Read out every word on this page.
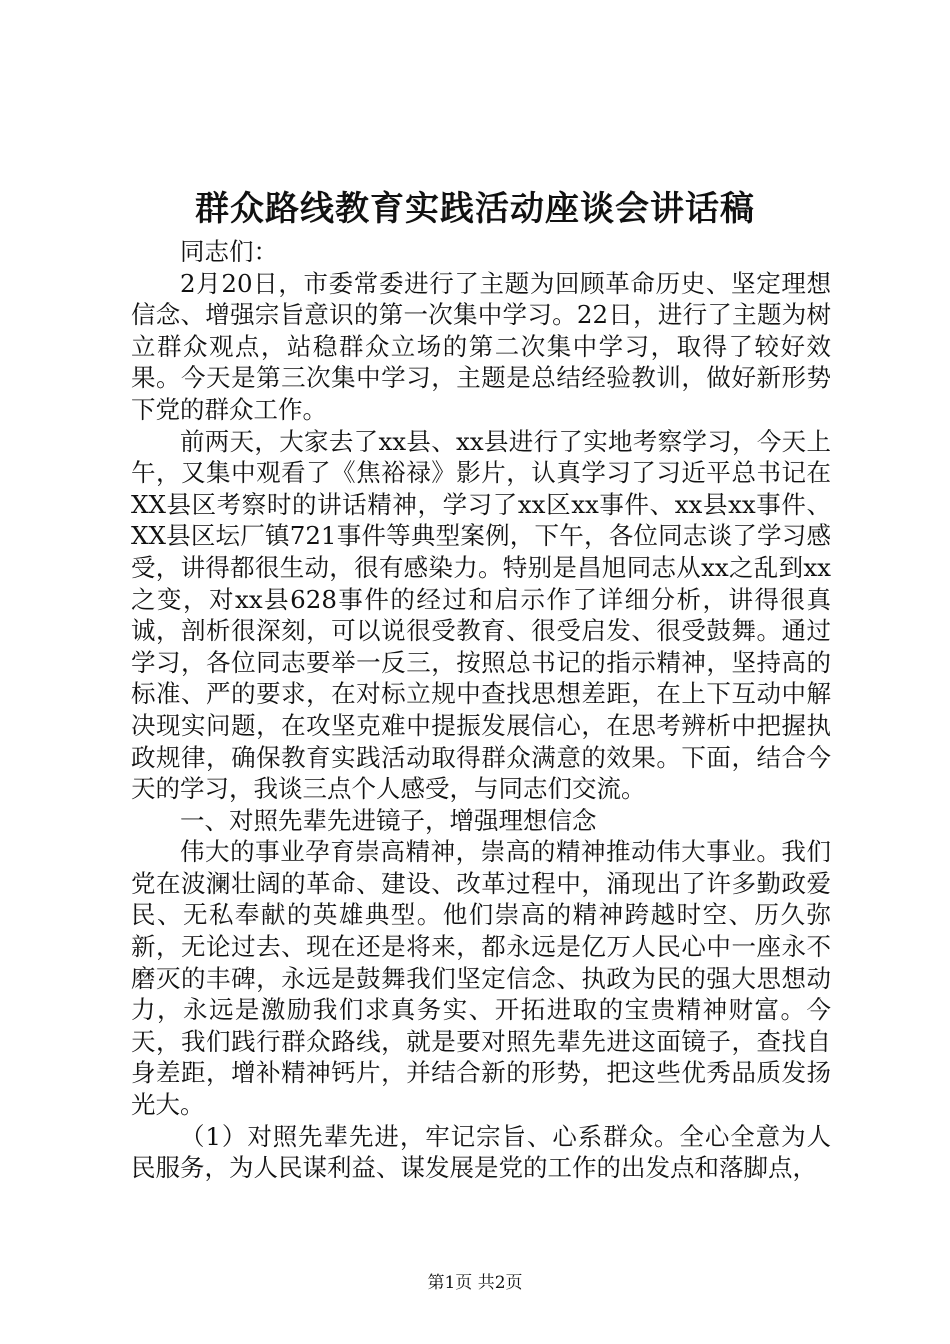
群众路线教育实践活动座谈会讲话稿

同志们：

2月20日，市委常委进行了主题为回顾革命历史、坚定理想信念、增强宗旨意识的第一次集中学习。22日，进行了主题为树立群众观点，站稳群众立场的第二次集中学习，取得了较好效果。今天是第三次集中学习，主题是总结经验教训，做好新形势下党的群众工作。

前两天，大家去了xx县、xx县进行了实地考察学习，今天上午，又集中观看了《焦裕禄》影片，认真学习了习近平总书记在XX县区考察时的讲话精神，学习了xx区xx事件、xx县xx事件、XX县区坛厂镇721事件等典型案例，下午，各位同志谈了学习感受，讲得都很生动，很有感染力。特别是昌旭同志从xx之乱到xx之变，对xx县628事件的经过和启示作了详细分析，讲得很真诚，剖析很深刻，可以说很受教育、很受启发、很受鼓舞。通过学习，各位同志要举一反三，按照总书记的指示精神，坚持高的标准、严的要求，在对标立规中查找思想差距，在上下互动中解决现实问题，在攻坚克难中提振发展信心，在思考辨析中把握执政规律，确保教育实践活动取得群众满意的效果。下面，结合今天的学习，我谈三点个人感受，与同志们交流。

一、对照先辈先进镜子，增强理想信念

伟大的事业孕育崇高精神，崇高的精神推动伟大事业。我们党在波澜壮阔的革命、建设、改革过程中，涌现出了许多勤政爱民、无私奉献的英雄典型。他们崇高的精神跨越时空、历久弥新，无论过去、现在还是将来，都永远是亿万人民心中一座永不磨灭的丰碑，永远是鼓舞我们坚定信念、执政为民的强大思想动力，永远是激励我们求真务实、开拓进取的宝贵精神财富。今天，我们践行群众路线，就是要对照先辈先进这面镜子，查找自身差距，增补精神钙片，并结合新的形势，把这些优秀品质发扬光大。

（1）对照先辈先进，牢记宗旨、心系群众。全心全意为人民服务，为人民谋利益、谋发展是党的工作的出发点和落脚点，

第1页 共2页
